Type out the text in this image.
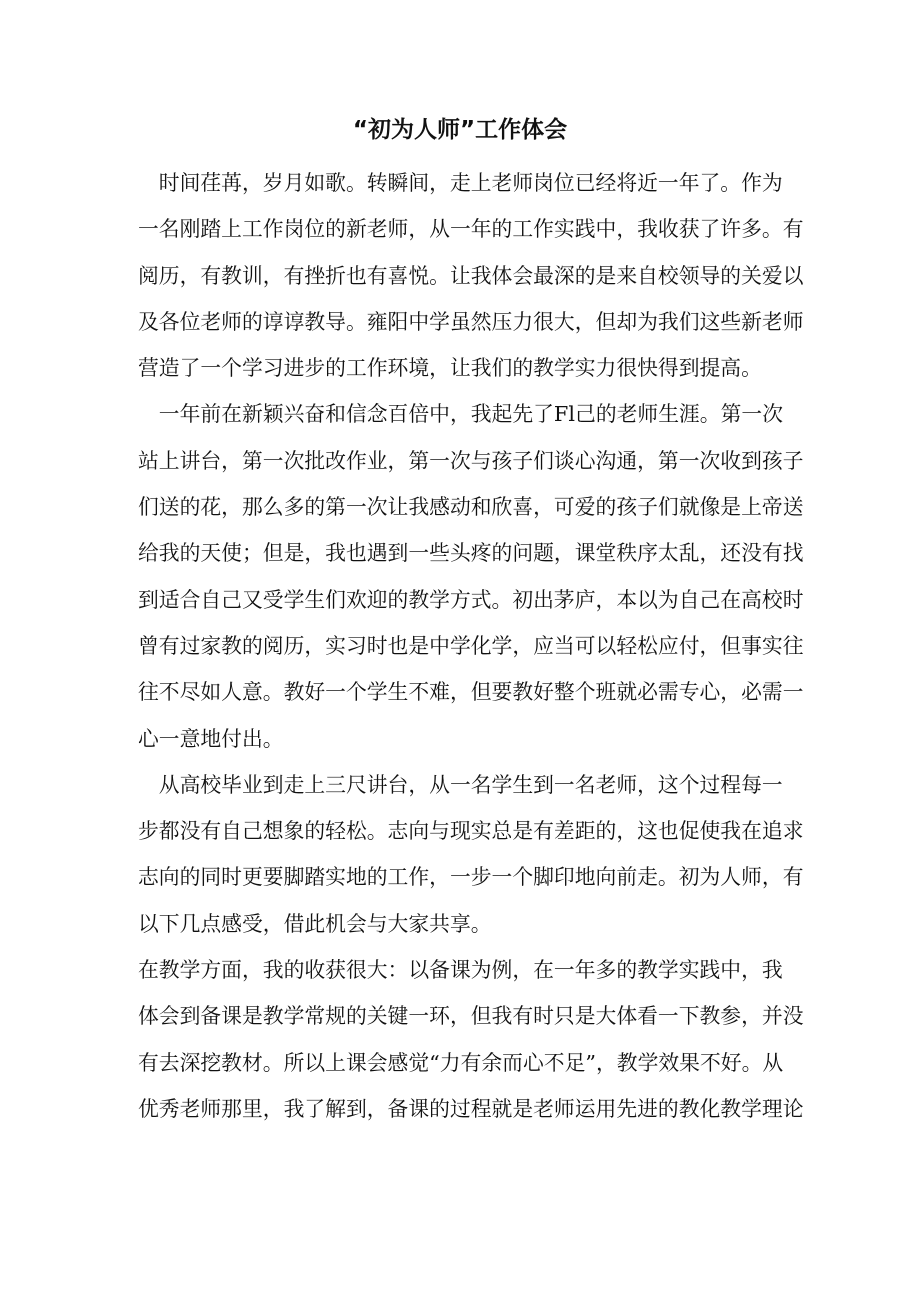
“初为人师”工作体会
　时间荏苒，岁月如歌。转瞬间，走上老师岗位已经将近一年了。作为
一名刚踏上工作岗位的新老师，从一年的工作实践中，我收获了许多。有
阅历，有教训，有挫折也有喜悦。让我体会最深的是来自校领导的关爱以
及各位老师的谆谆教导。雍阳中学虽然压力很大，但却为我们这些新老师
营造了一个学习进步的工作环境，让我们的教学实力很快得到提高。
　一年前在新颖兴奋和信念百倍中，我起先了Fl己的老师生涯。第一次
站上讲台，第一次批改作业，第一次与孩子们谈心沟通，第一次收到孩子
们送的花，那么多的第一次让我感动和欣喜，可爱的孩子们就像是上帝送
给我的天使；但是，我也遇到一些头疼的问题，课堂秩序太乱，还没有找
到适合自己又受学生们欢迎的教学方式。初出茅庐，本以为自己在高校时
曾有过家教的阅历，实习时也是中学化学，应当可以轻松应付，但事实往
往不尽如人意。教好一个学生不难，但要教好整个班就必需专心，必需一
心一意地付出。
　从高校毕业到走上三尺讲台，从一名学生到一名老师，这个过程每一
步都没有自己想象的轻松。志向与现实总是有差距的，这也促使我在追求
志向的同时更要脚踏实地的工作，一步一个脚印地向前走。初为人师，有
以下几点感受，借此机会与大家共享。
在教学方面，我的收获很大：以备课为例，在一年多的教学实践中，我
体会到备课是教学常规的关键一环，但我有时只是大体看一下教参，并没
有去深挖教材。所以上课会感觉“力有余而心不足”，教学效果不好。从
优秀老师那里，我了解到，备课的过程就是老师运用先进的教化教学理论
